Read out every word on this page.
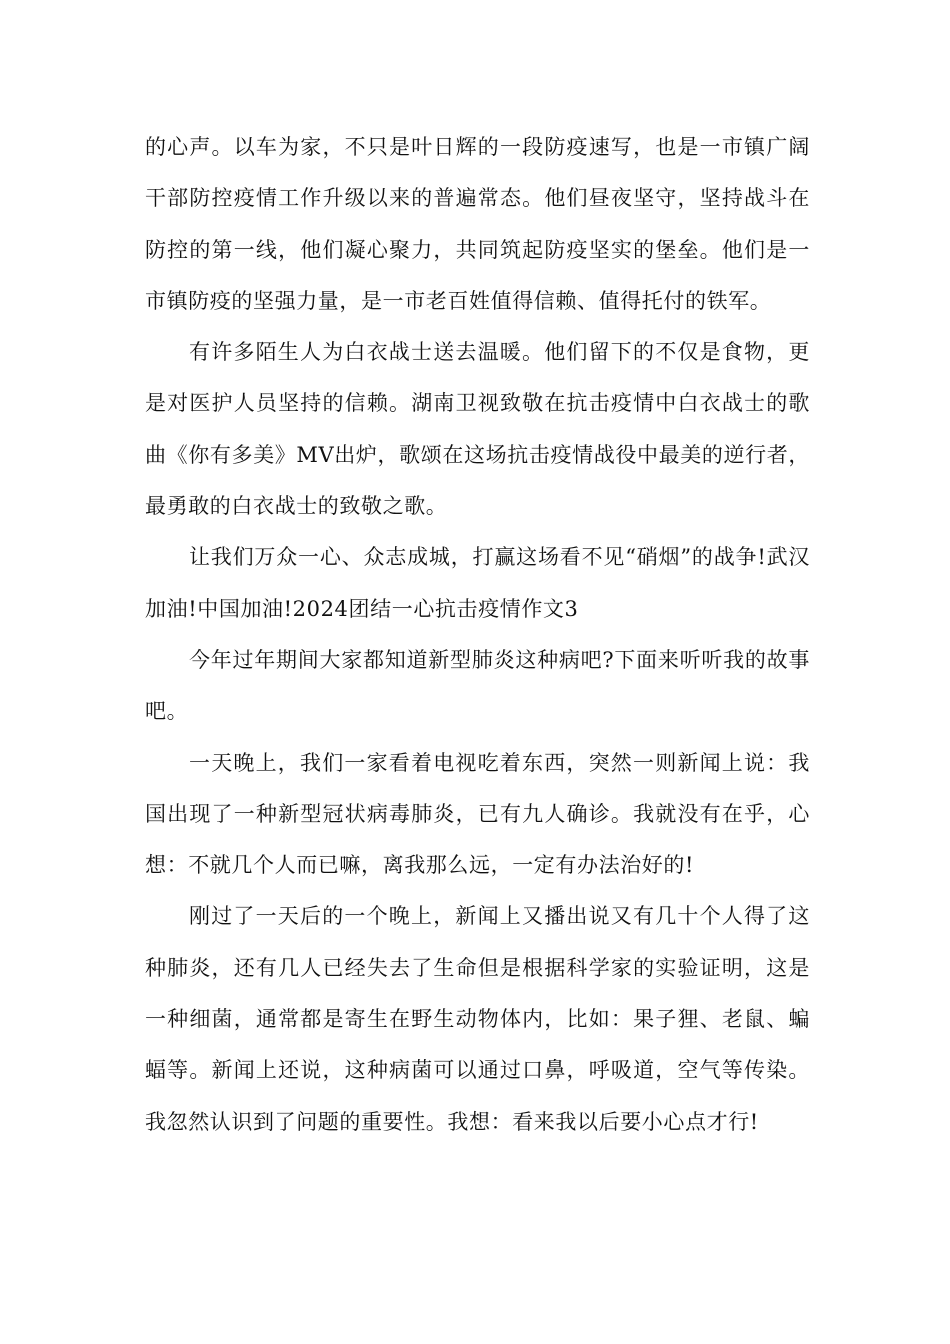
的心声。以车为家，不只是叶日辉的一段防疫速写，也是一市镇广阔干部防控疫情工作升级以来的普遍常态。他们昼夜坚守，坚持战斗在防控的第一线，他们凝心聚力，共同筑起防疫坚实的堡垒。他们是一市镇防疫的坚强力量，是一市老百姓值得信赖、值得托付的铁军。

有许多陌生人为白衣战士送去温暖。他们留下的不仅是食物，更是对医护人员坚持的信赖。湖南卫视致敬在抗击疫情中白衣战士的歌曲《你有多美》MV出炉，歌颂在这场抗击疫情战役中最美的逆行者，最勇敢的白衣战士的致敬之歌。

让我们万众一心、众志成城，打赢这场看不见“硝烟”的战争!武汉加油!中国加油!2024团结一心抗击疫情作文3

今年过年期间大家都知道新型肺炎这种病吧?下面来听听我的故事吧。

一天晚上，我们一家看着电视吃着东西，突然一则新闻上说：我国出现了一种新型冠状病毒肺炎，已有九人确诊。我就没有在乎，心想：不就几个人而已嘛，离我那么远，一定有办法治好的!

刚过了一天后的一个晚上，新闻上又播出说又有几十个人得了这种肺炎，还有几人已经失去了生命但是根据科学家的实验证明，这是一种细菌，通常都是寄生在野生动物体内，比如：果子狸、老鼠、蝙蝠等。新闻上还说，这种病菌可以通过口鼻，呼吸道，空气等传染。我忽然认识到了问题的重要性。我想：看来我以后要小心点才行!
